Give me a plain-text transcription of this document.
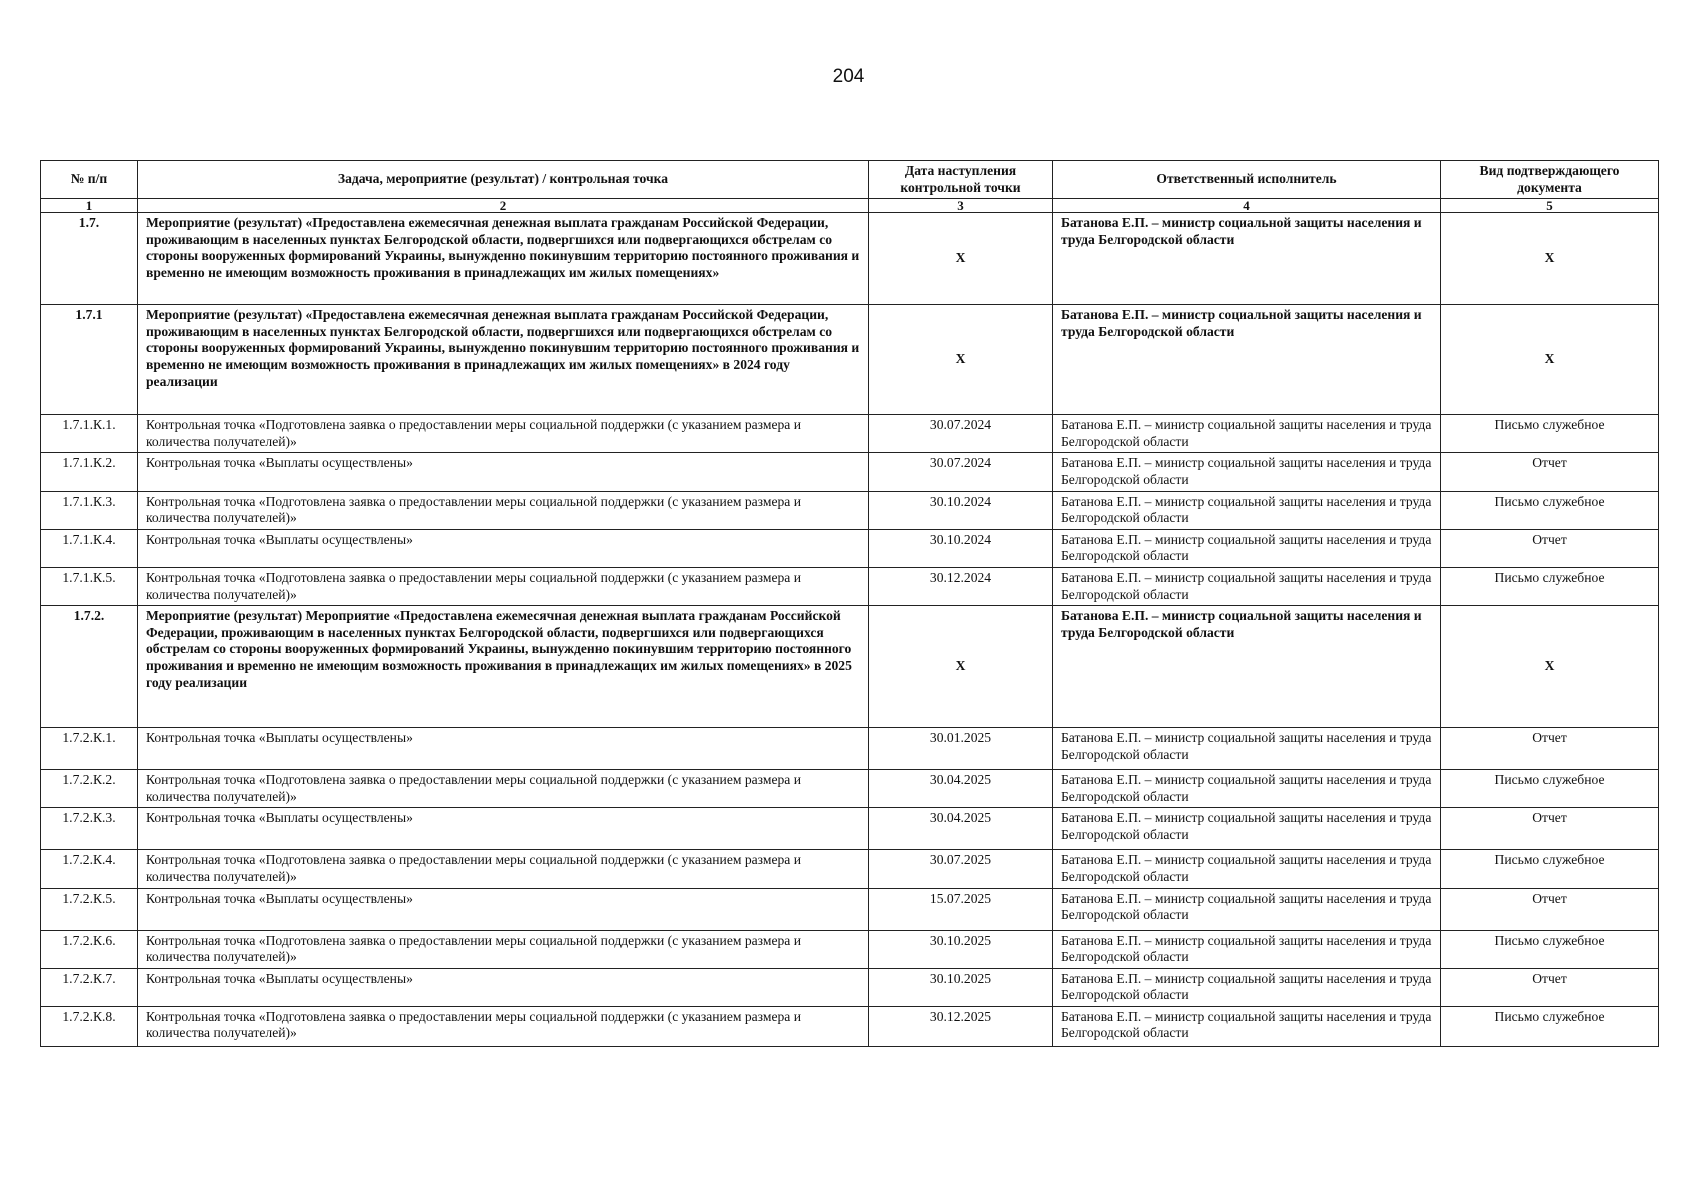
204
№ п/п	Задача, мероприятие (результат) / контрольная точка	Дата наступления контрольной точки	Ответственный исполнитель	Вид подтверждающего документа
1	2	3	4	5
1.7.	Мероприятие (результат) «Предоставлена ежемесячная денежная выплата гражданам Российской Федерации, проживающим в населенных пунктах Белгородской области, подвергшихся или подвергающихся обстрелам со стороны вооруженных формирований Украины, вынужденно покинувшим территорию постоянного проживания и временно не имеющим возможность проживания в принадлежащих им жилых помещениях»	X	Батанова Е.П. – министр социальной защиты населения и труда Белгородской области	X
1.7.1	Мероприятие (результат) «Предоставлена ежемесячная денежная выплата гражданам Российской Федерации, проживающим в населенных пунктах Белгородской области, подвергшихся или подвергающихся обстрелам со стороны вооруженных формирований Украины, вынужденно покинувшим территорию постоянного проживания и временно не имеющим возможность проживания в принадлежащих им жилых помещениях» в 2024 году реализации	X	Батанова Е.П. – министр социальной защиты населения и труда Белгородской области	X
1.7.1.К.1.	Контрольная точка «Подготовлена заявка о предоставлении меры социальной поддержки (с указанием размера и количества получателей)»	30.07.2024	Батанова Е.П. – министр социальной защиты населения и труда Белгородской области	Письмо служебное
1.7.1.К.2.	Контрольная точка «Выплаты осуществлены»	30.07.2024	Батанова Е.П. – министр социальной защиты населения и труда Белгородской области	Отчет
1.7.1.К.3.	Контрольная точка «Подготовлена заявка о предоставлении меры социальной поддержки (с указанием размера и количества получателей)»	30.10.2024	Батанова Е.П. – министр социальной защиты населения и труда Белгородской области	Письмо служебное
1.7.1.К.4.	Контрольная точка «Выплаты осуществлены»	30.10.2024	Батанова Е.П. – министр социальной защиты населения и труда Белгородской области	Отчет
1.7.1.К.5.	Контрольная точка «Подготовлена заявка о предоставлении меры социальной поддержки (с указанием размера и количества получателей)»	30.12.2024	Батанова Е.П. – министр социальной защиты населения и труда Белгородской области	Письмо служебное
1.7.2.	Мероприятие (результат) Мероприятие «Предоставлена ежемесячная денежная выплата гражданам Российской Федерации, проживающим в населенных пунктах Белгородской области, подвергшихся или подвергающихся обстрелам со стороны вооруженных формирований Украины, вынужденно покинувшим территорию постоянного проживания и временно не имеющим возможность проживания в принадлежащих им жилых помещениях» в 2025 году реализации	X	Батанова Е.П. – министр социальной защиты населения и труда Белгородской области	X
1.7.2.К.1.	Контрольная точка «Выплаты осуществлены»	30.01.2025	Батанова Е.П. – министр социальной защиты населения и труда Белгородской области	Отчет
1.7.2.К.2.	Контрольная точка «Подготовлена заявка о предоставлении меры социальной поддержки (с указанием размера и количества получателей)»	30.04.2025	Батанова Е.П. – министр социальной защиты населения и труда Белгородской области	Письмо служебное
1.7.2.К.3.	Контрольная точка «Выплаты осуществлены»	30.04.2025	Батанова Е.П. – министр социальной защиты населения и труда Белгородской области	Отчет
1.7.2.К.4.	Контрольная точка «Подготовлена заявка о предоставлении меры социальной поддержки (с указанием размера и количества получателей)»	30.07.2025	Батанова Е.П. – министр социальной защиты населения и труда Белгородской области	Письмо служебное
1.7.2.К.5.	Контрольная точка «Выплаты осуществлены»	15.07.2025	Батанова Е.П. – министр социальной защиты населения и труда Белгородской области	Отчет
1.7.2.К.6.	Контрольная точка «Подготовлена заявка о предоставлении меры социальной поддержки (с указанием размера и количества получателей)»	30.10.2025	Батанова Е.П. – министр социальной защиты населения и труда Белгородской области	Письмо служебное
1.7.2.К.7.	Контрольная точка «Выплаты осуществлены»	30.10.2025	Батанова Е.П. – министр социальной защиты населения и труда Белгородской области	Отчет
1.7.2.К.8.	Контрольная точка «Подготовлена заявка о предоставлении меры социальной поддержки (с указанием размера и количества получателей)»	30.12.2025	Батанова Е.П. – министр социальной защиты населения и труда Белгородской области	Письмо служебное
